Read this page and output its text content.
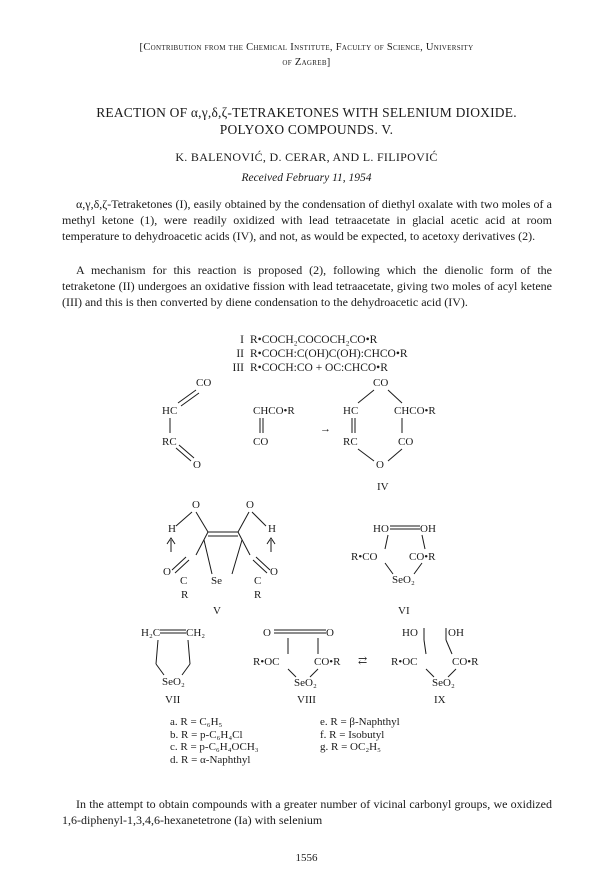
[Contribution from the Chemical Institute, Faculty of Science, University
of Zagreb]
REACTION OF α,γ,δ,ζ-TETRAKETONES WITH SELENIUM DIOXIDE.
POLYOXO COMPOUNDS. V.
K. BALENOVIĆ, D. CERAR, AND L. FILIPOVIĆ
Received February 11, 1954

α,γ,δ,ζ-Tetraketones (I), easily obtained by the condensation of diethyl oxalate with two moles of a methyl ketone (1), were readily oxidized with lead tetraacetate in glacial acetic acid at room temperature to dehydroacetic acids (IV), and not, as would be expected, to acetoxy derivatives (2).

A mechanism for this reaction is proposed (2), following which the dienolic form of the tetraketone (II) undergoes an oxidative fission with lead tetraacetate, giving two moles of acyl ketene (III) and this is then converted by diene condensation to the dehydroacetic acid (IV).

I R•COCH₂COCOCH₂CO•R
II R•COCH:C(OH)C(OH):CHCO•R
III R•COCH:CO + OC:CHCO•R
CO
HC
RC
O
CHCO•R
CO
→
CO
HC	CHCO•R
RC	CO
O
IV
O	O
H	H
O	O
C	C
Se
R	R
V
HO	OH
R•CO	CO•R
SeO₂
VI
H₂C CH₂
SeO₂
VII
O	O
R•OC	CO•R
SeO₂
VIII
⇄
HO	OH
R•OC	CO•R
SeO₂
IX
a. R = C₆H₅
b. R = p-C₆H₄Cl
c. R = p-C₆H₄OCH₃
d. R = α-Naphthyl
e. R = β-Naphthyl
f. R = Isobutyl
g. R = OC₂H₅

In the attempt to obtain compounds with a greater number of vicinal carbonyl groups, we oxidized 1,6-diphenyl-1,3,4,6-hexanetetrone (Ia) with selenium

1556
